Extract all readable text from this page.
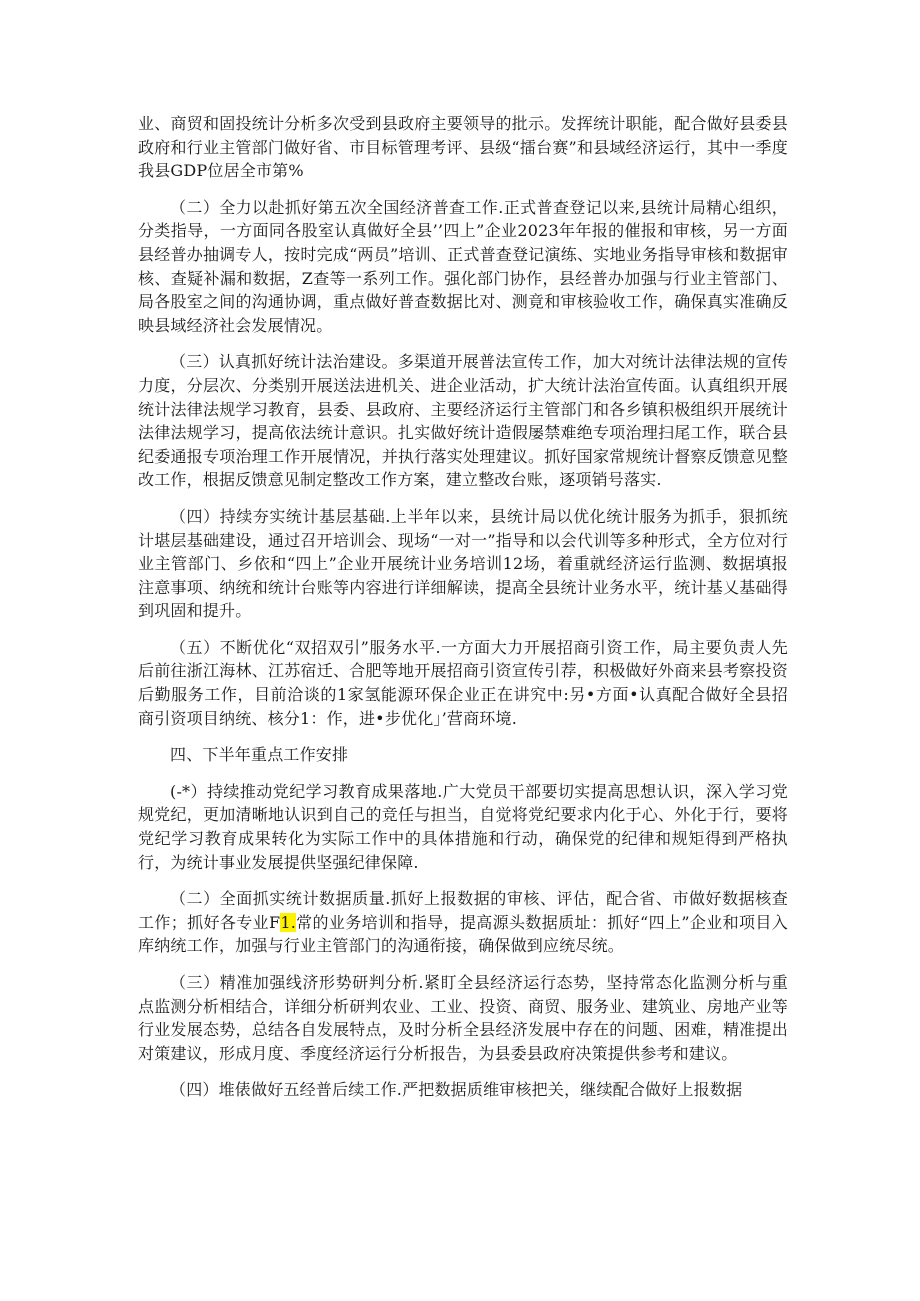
业、商贸和固投统计分析多次受到县政府主要领导的批示。发挥统计职能，配合做好县委县政府和行业主管部门做好省、市目标管理考评、县级“擂台赛”和县域经济运行，其中一季度我县GDP位居全市第%

（二）全力以赴抓好第五次全国经济普查工作.正式普查登记以来,县统计局精心组织，分类指导，一方面同各股室认真做好全县’’四上”企业2023年年报的催报和审核，另一方面县经普办抽调专人，按时完成“两员”培训、正式普查登记演练、实地业务指导审核和数据审核、查疑补漏和数据，Z查等一系列工作。强化部门协作，县经普办加强与行业主管部门、局各股室之间的沟通协调，重点做好普查数据比对、测竟和审核验收工作，确保真实准确反映县域经济社会发展情况。

（三）认真抓好统计法治建设。多渠道开展普法宣传工作，加大对统计法律法规的宣传力度，分层次、分类别开展送法进机关、进企业活动，扩大统计法治宣传面。认真组织开展统计法律法规学习教育，县委、县政府、主要经济运行主管部门和各乡镇积极组织开展统计法律法规学习，提高依法统计意识。扎实做好统计造假屡禁难绝专项治理扫尾工作，联合县纪委通报专项治理工作开展情况，并执行落实处理建议。抓好国家常规统计督察反馈意见整改工作，根据反馈意见制定整改工作方案，建立整改台账，逐项销号落实.

（四）持续夯实统计基层基础.上半年以来，县统计局以优化统计服务为抓手，狠抓统计堪层基础建设，通过召开培训会、现场“一对一”指导和以会代训等多种形式，全方位对行业主管部门、乡依和“四上”企业开展统计业务培训12场，着重就经济运行监测、数据填报注意事项、纳统和统计台账等内容进行详细解读，提高全县统计业务水平，统计基乂基础得到巩固和提升。

（五）不断优化“双招双引”服务水平.一方面大力开展招商引资工作，局主要负责人先后前往浙江海林、江苏宿迁、合肥等地开展招商引资宣传引荐，积极做好外商来县考察投资后勤服务工作，目前洽谈的1家氢能源环保企业正在讲究中:另•方面•认真配合做好全县招商引资项目纳统、核分1：作，进•步优化」’营商环境.

四、下半年重点工作安排

(-*）持续推动党纪学习教育成果落地.广大党员干部要切实提高思想认识，深入学习党规党纪，更加清晰地认识到自己的竞任与担当，自觉将党纪要求内化于心、外化于行，要将党纪学习教育成果转化为实际工作中的具体措施和行动，确保党的纪律和规矩得到严格执行，为统计事业发展提供坚强纪律保障.

（二）全面抓实统计数据质量.抓好上报数据的审核、评估，配合省、市做好数据核查工作；抓好各专业F1.常的业务培训和指导，提高源头数据质址：抓好“四上”企业和项目入库纳统工作，加强与行业主管部门的沟通衔接，确保做到应统尽统。

（三）精准加强线济形势研判分析.紧盯全县经济运行态势，坚持常态化监测分析与重点监测分析相结合，详细分析研判农业、工业、投资、商贸、服务业、建筑业、房地产业等行业发展态势，总结各自发展特点，及时分析全县经济发展中存在的问题、困难，精准提出对策建议，形成月度、季度经济运行分析报告，为县委县政府决策提供参考和建议。

（四）堆俵做好五经普后续工作.严把数据质维审核把关，继续配合做好上报数据
